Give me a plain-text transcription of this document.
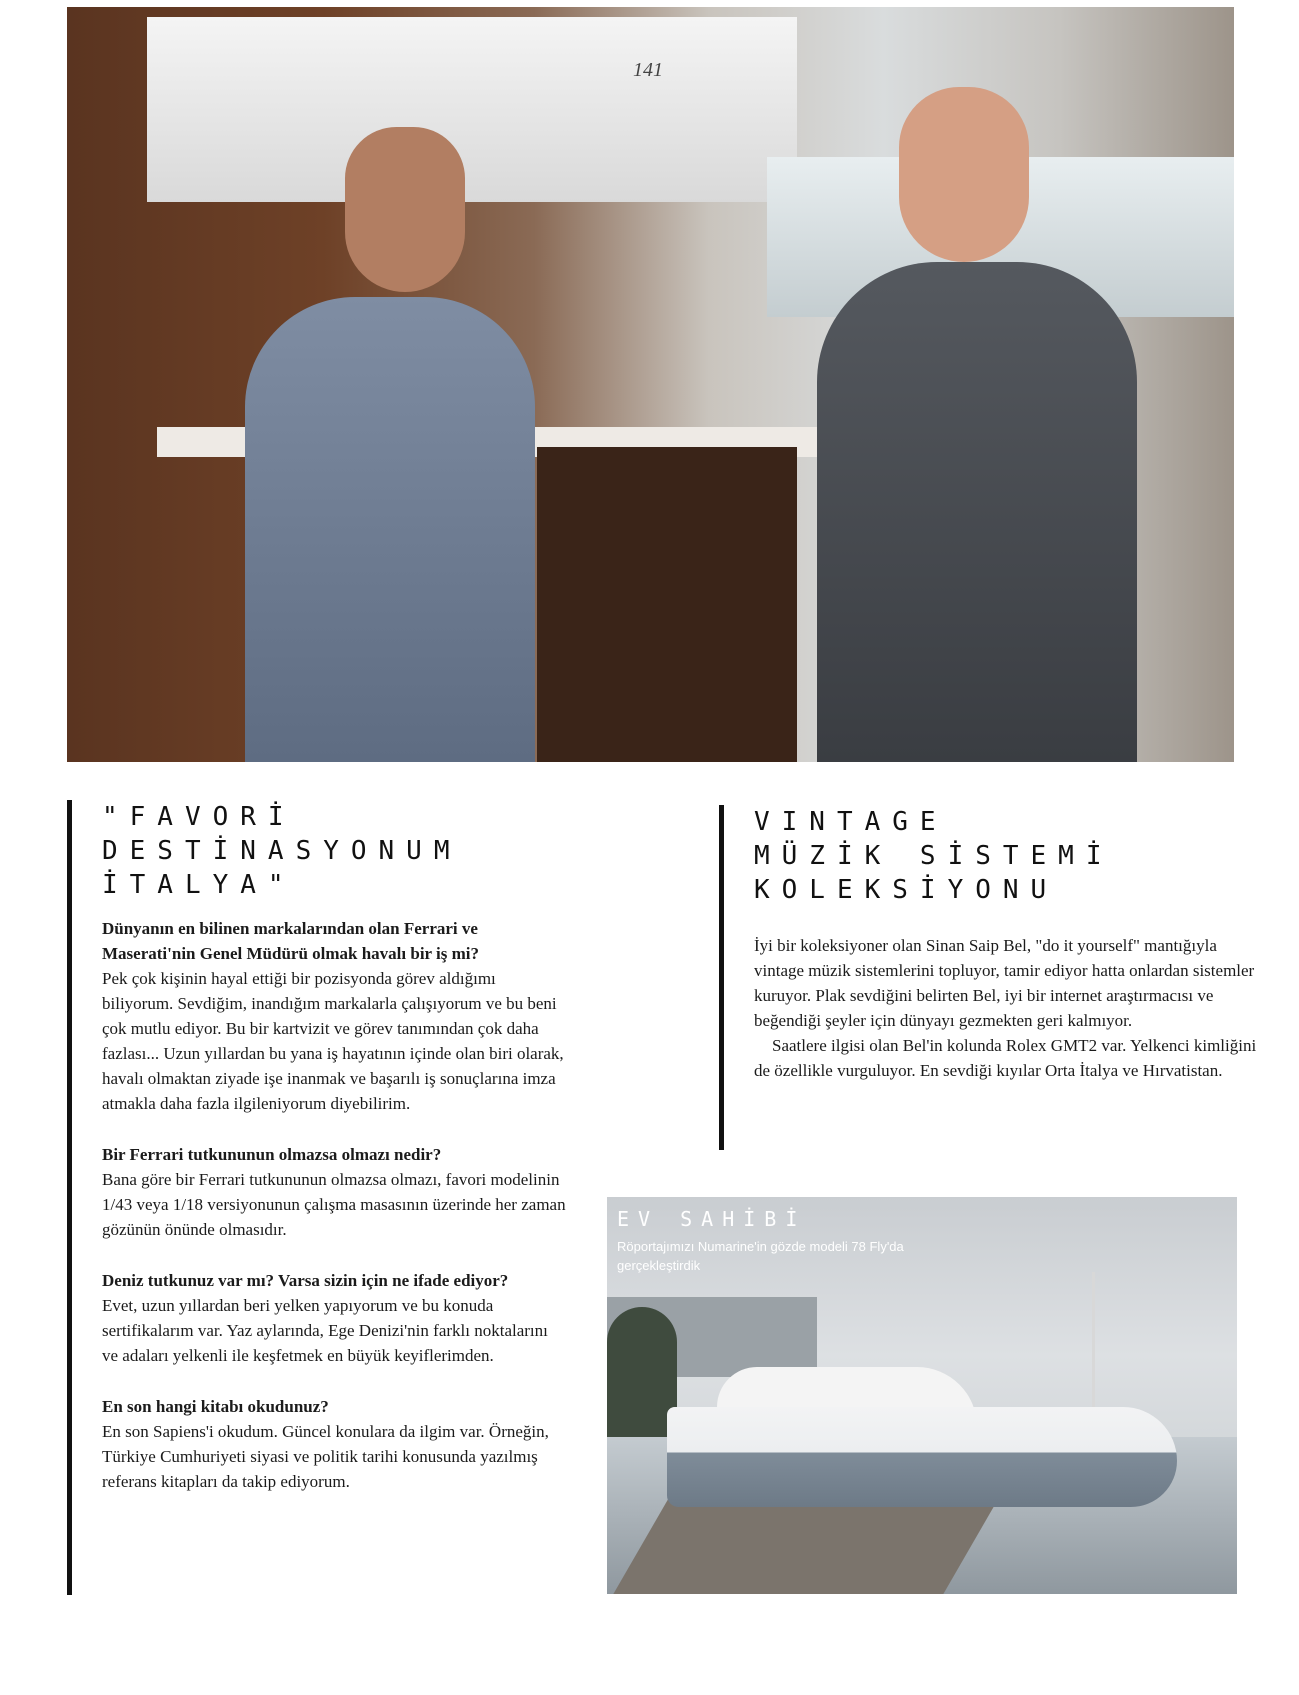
141
"FAVORİ
DESTİNASYONUM
İTALYA"

Dünyanın en bilinen markalarından olan Ferrari ve Maserati'nin Genel Müdürü olmak havalı bir iş mi?

Pek çok kişinin hayal ettiği bir pozisyonda görev aldığımı biliyorum. Sevdiğim, inandığım markalarla çalışıyorum ve bu beni çok mutlu ediyor. Bu bir kartvizit ve görev tanımından çok daha fazlası... Uzun yıllardan bu yana iş hayatının içinde olan biri olarak, havalı olmaktan ziyade işe inanmak ve başarılı iş sonuçlarına imza atmakla daha fazla ilgileniyorum diyebilirim.

Bir Ferrari tutkununun olmazsa olmazı nedir?

Bana göre bir Ferrari tutkununun olmazsa olmazı, favori modelinin 1/43 veya 1/18 versiyonunun çalışma masasının üzerinde her zaman gözünün önünde olmasıdır.

Deniz tutkunuz var mı? Varsa sizin için ne ifade ediyor?

Evet, uzun yıllardan beri yelken yapıyorum ve bu konuda sertifikalarım var. Yaz aylarında, Ege Denizi'nin farklı noktalarını ve adaları yelkenli ile keşfetmek en büyük keyiflerimden.

En son hangi kitabı okudunuz?

En son Sapiens'i okudum. Güncel konulara da ilgim var. Örneğin, Türkiye Cumhuriyeti siyasi ve politik tarihi konusunda yazılmış referans kitapları da takip ediyorum.

VINTAGE
MÜZİK SİSTEMİ
KOLEKSİYONU

İyi bir koleksiyoner olan Sinan Saip Bel, "do it yourself" mantığıyla vintage müzik sistemlerini topluyor, tamir ediyor hatta onlardan sistemler kuruyor. Plak sevdiğini belirten Bel, iyi bir internet araştırmacısı ve beğendiği şeyler için dünyayı gezmekten geri kalmıyor.

Saatlere ilgisi olan Bel'in kolunda Rolex GMT2 var. Yelkenci kimliğini de özellikle vurguluyor. En sevdiği kıyılar Orta İtalya ve Hırvatistan.

EV SAHİBİ
Röportajımızı Numarine'in gözde modeli 78 Fly'da gerçekleştirdik
